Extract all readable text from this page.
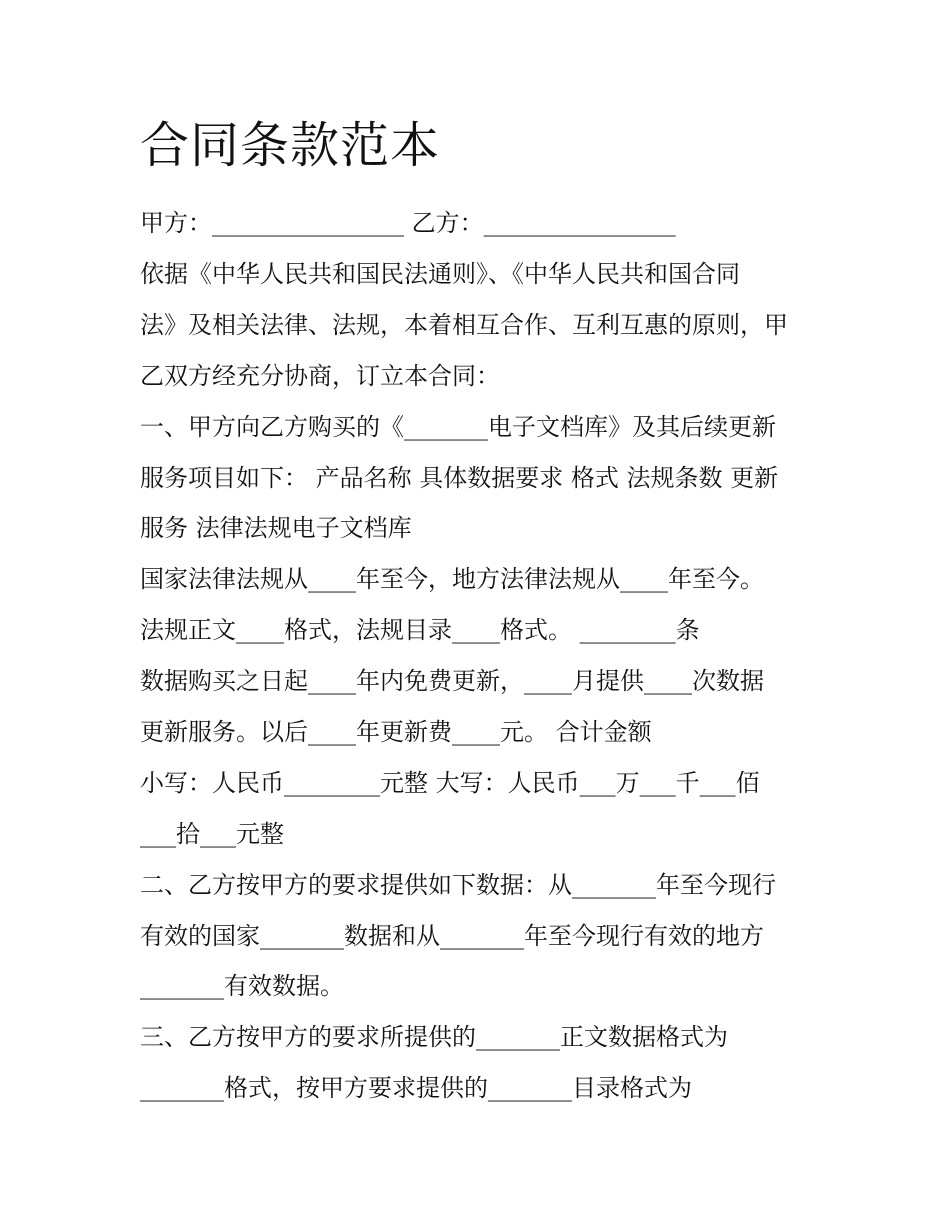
合同条款范本
甲方：________________ 乙方：________________
依据《中华人民共和国民法通则》、《中华人民共和国合同
法》及相关法律、法规，本着相互合作、互利互惠的原则，甲
乙双方经充分协商，订立本合同：
一、甲方向乙方购买的《_______电子文档库》及其后续更新
服务项目如下： 产品名称 具体数据要求 格式 法规条数 更新
服务 法律法规电子文档库
国家法律法规从____年至今，地方法律法规从____年至今。
法规正文____格式，法规目录____格式。 ________条
数据购买之日起____年内免费更新，____月提供____次数据
更新服务。以后____年更新费____元。 合计金额
小写：人民币________元整 大写：人民币___万___千___佰
___拾___元整
二、乙方按甲方的要求提供如下数据：从_______年至今现行
有效的国家_______数据和从_______年至今现行有效的地方
_______有效数据。
三、乙方按甲方的要求所提供的_______正文数据格式为
_______格式，按甲方要求提供的_______目录格式为
